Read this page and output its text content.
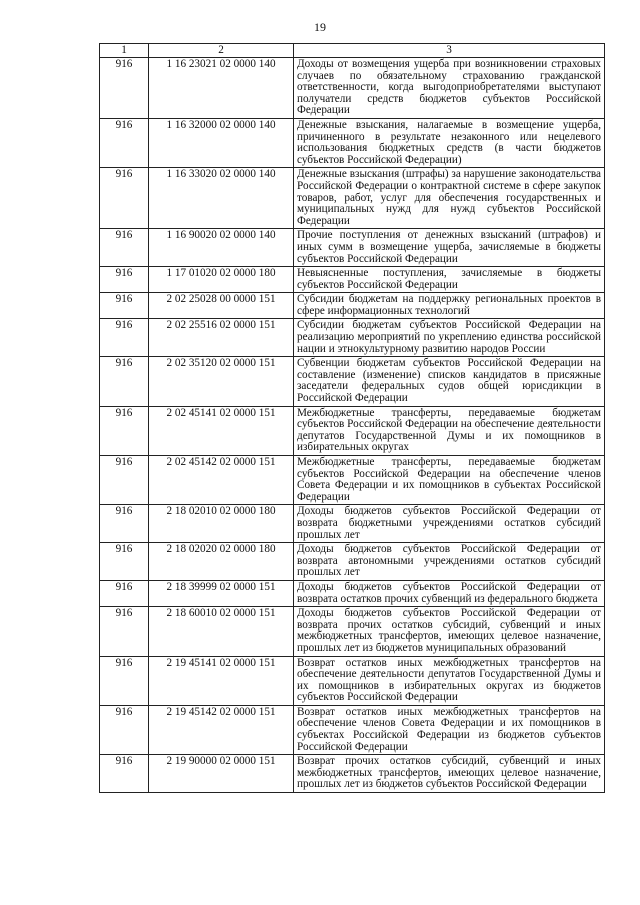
19
1	2	3
916	1 16 23021 02 0000 140	Доходы от возмещения ущерба при возникновении страховых случаев по обязательному страхованию гражданской ответственности, когда выгодоприобретателями выступают получатели средств бюджетов субъектов Российской Федерации
916	1 16 32000 02 0000 140	Денежные взыскания, налагаемые в возмещение ущерба, причиненного в результате незаконного или нецелевого использования бюджетных средств (в части бюджетов субъектов Российской Федерации)
916	1 16 33020 02 0000 140	Денежные взыскания (штрафы) за нарушение законодательства Российской Федерации о контрактной системе в сфере закупок товаров, работ, услуг для обеспечения государственных и муниципальных нужд для нужд субъектов Российской Федерации
916	1 16 90020 02 0000 140	Прочие поступления от денежных взысканий (штрафов) и иных сумм в возмещение ущерба, зачисляемые в бюджеты субъектов Российской Федерации
916	1 17 01020 02 0000 180	Невыясненные поступления, зачисляемые в бюджеты субъектов Российской Федерации
916	2 02 25028 00 0000 151	Субсидии бюджетам на поддержку региональных проектов в сфере информационных технологий
916	2 02 25516 02 0000 151	Субсидии бюджетам субъектов Российской Федерации на реализацию мероприятий по укреплению единства российской нации и этнокультурному развитию народов России
916	2 02 35120 02 0000 151	Субвенции бюджетам субъектов Российской Федерации на составление (изменение) списков кандидатов в присяжные заседатели федеральных судов общей юрисдикции в Российской Федерации
916	2 02 45141 02 0000 151	Межбюджетные трансферты, передаваемые бюджетам субъектов Российской Федерации на обеспечение деятельности депутатов Государственной Думы и их помощников в избирательных округах
916	2 02 45142 02 0000 151	Межбюджетные трансферты, передаваемые бюджетам субъектов Российской Федерации на обеспечение членов Совета Федерации и их помощников в субъектах Российской Федерации
916	2 18 02010 02 0000 180	Доходы бюджетов субъектов Российской Федерации от возврата бюджетными учреждениями остатков субсидий прошлых лет
916	2 18 02020 02 0000 180	Доходы бюджетов субъектов Российской Федерации от возврата автономными учреждениями остатков субсидий прошлых лет
916	2 18 39999 02 0000 151	Доходы бюджетов субъектов Российской Федерации от возврата остатков прочих субвенций из федерального бюджета
916	2 18 60010 02 0000 151	Доходы бюджетов субъектов Российской Федерации от возврата прочих остатков субсидий, субвенций и иных межбюджетных трансфертов, имеющих целевое назначение, прошлых лет из бюджетов муниципальных образований
916	2 19 45141 02 0000 151	Возврат остатков иных межбюджетных трансфертов на обеспечение деятельности депутатов Государственной Думы и их помощников в избирательных округах из бюджетов субъектов Российской Федерации
916	2 19 45142 02 0000 151	Возврат остатков иных межбюджетных трансфертов на обеспечение членов Совета Федерации и их помощников в субъектах Российской Федерации из бюджетов субъектов Российской Федерации
916	2 19 90000 02 0000 151	Возврат прочих остатков субсидий, субвенций и иных межбюджетных трансфертов, имеющих целевое назначение, прошлых лет из бюджетов субъектов Российской Федерации
